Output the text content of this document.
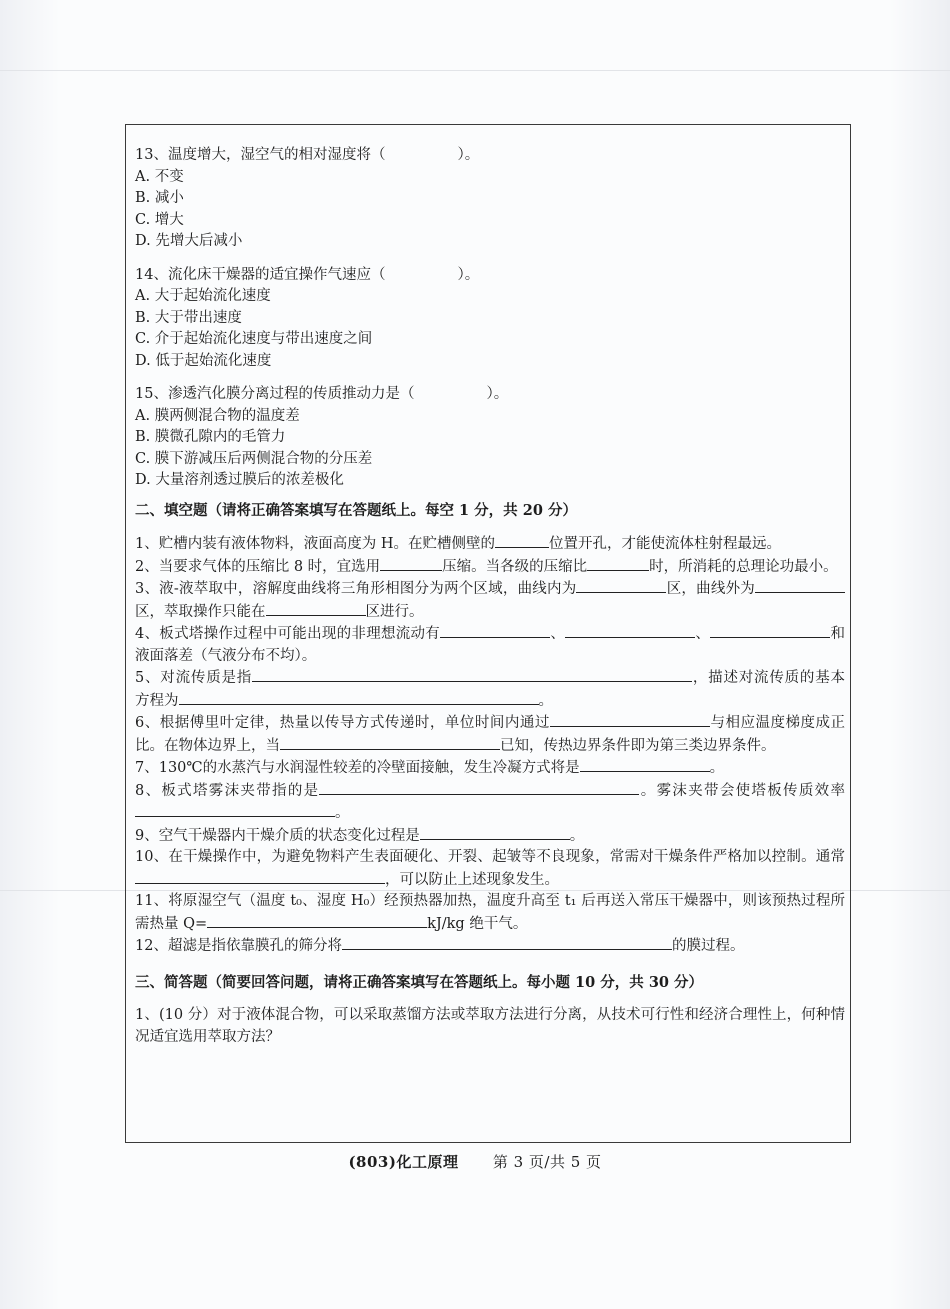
13、温度增大，湿空气的相对湿度将（	）。

A. 不变

B. 减小

C. 增大

D. 先增大后减小

14、流化床干燥器的适宜操作气速应（	）。

A. 大于起始流化速度

B. 大于带出速度

C. 介于起始流化速度与带出速度之间

D. 低于起始流化速度

15、渗透汽化膜分离过程的传质推动力是（	）。

A. 膜两侧混合物的温度差

B. 膜微孔隙内的毛管力

C. 膜下游减压后两侧混合物的分压差

D. 大量溶剂透过膜后的浓差极化

二、填空题（请将正确答案填写在答题纸上。每空 1 分，共 20 分）

1、贮槽内装有液体物料，液面高度为 H。在贮槽侧壁的	位置开孔，才能使流体柱射程最远。

2、当要求气体的压缩比 8 时，宜选用	压缩。当各级的压缩比	时，所消耗的总理论功最小。

3、液-液萃取中，溶解度曲线将三角形相图分为两个区域，曲线内为	区，曲线外为区，萃取操作只能在	区进行。

4、板式塔操作过程中可能出现的非理想流动有	、	、	和液面落差（气液分布不均）。

5、对流传质是指	，描述对流传质的基本方程为	。

6、根据傅里叶定律，热量以传导方式传递时，单位时间内通过	与相应温度梯度成正比。在物体边界上，当	已知，传热边界条件即为第三类边界条件。

7、130℃的水蒸汽与水润湿性较差的冷壁面接触，发生冷凝方式将是	。

8、板式塔雾沫夹带指的是	。雾沫夹带会使塔板传质效率。

9、空气干燥器内干燥介质的状态变化过程是	。

10、在干燥操作中，为避免物料产生表面硬化、开裂、起皱等不良现象，常需对干燥条件严格加以控制。通常，可以防止上述现象发生。

11、将原湿空气（温度 t₀、湿度 H₀）经预热器加热，温度升高至 t₁ 后再送入常压干燥器中，则该预热过程所需热量 Q=	kJ/kg 绝干气。

12、超滤是指依靠膜孔的筛分将	的膜过程。

三、简答题（简要回答问题，请将正确答案填写在答题纸上。每小题 10 分，共 30 分）

1、(10 分）对于液体混合物，可以采取蒸馏方法或萃取方法进行分离，从技术可行性和经济合理性上，何种情况适宜选用萃取方法？

(803)化工原理 第 3 页/共 5 页
